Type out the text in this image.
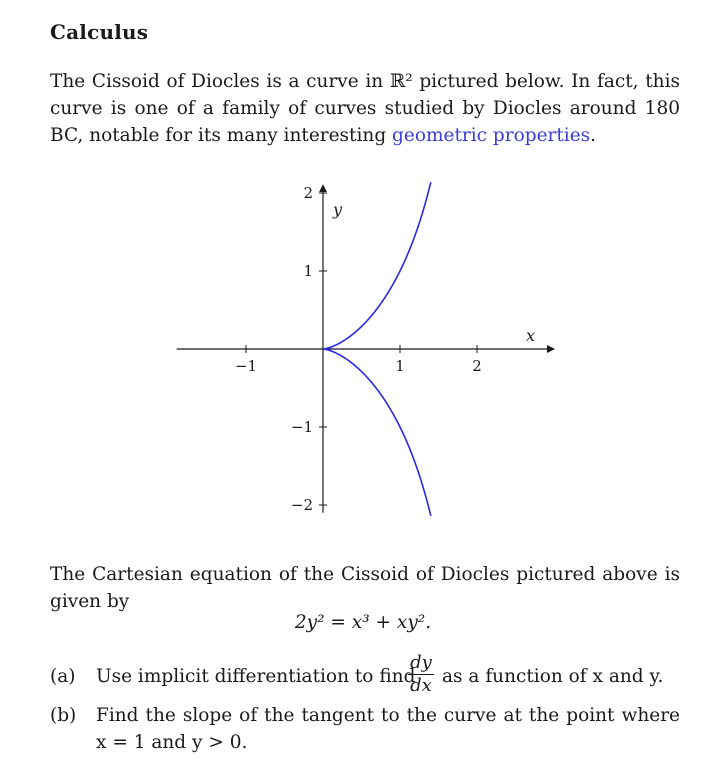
Calculus
The Cissoid of Diocles is a curve in ℝ² pictured below. In fact, this curve is one of a family of curves studied by Diocles around 180 BC, notable for its many interesting geometric properties.
−1	1	2
2
1
−1
−2
x
y
The Cartesian equation of the Cissoid of Diocles pictured above is given by
2y² = x³ + xy².
(a) Use implicit differentiation to find
$\frac{dy}{dx}$ as a function of x and y.
(b) Find the slope of the tangent to the curve at the point where x = 1 and y > 0.
